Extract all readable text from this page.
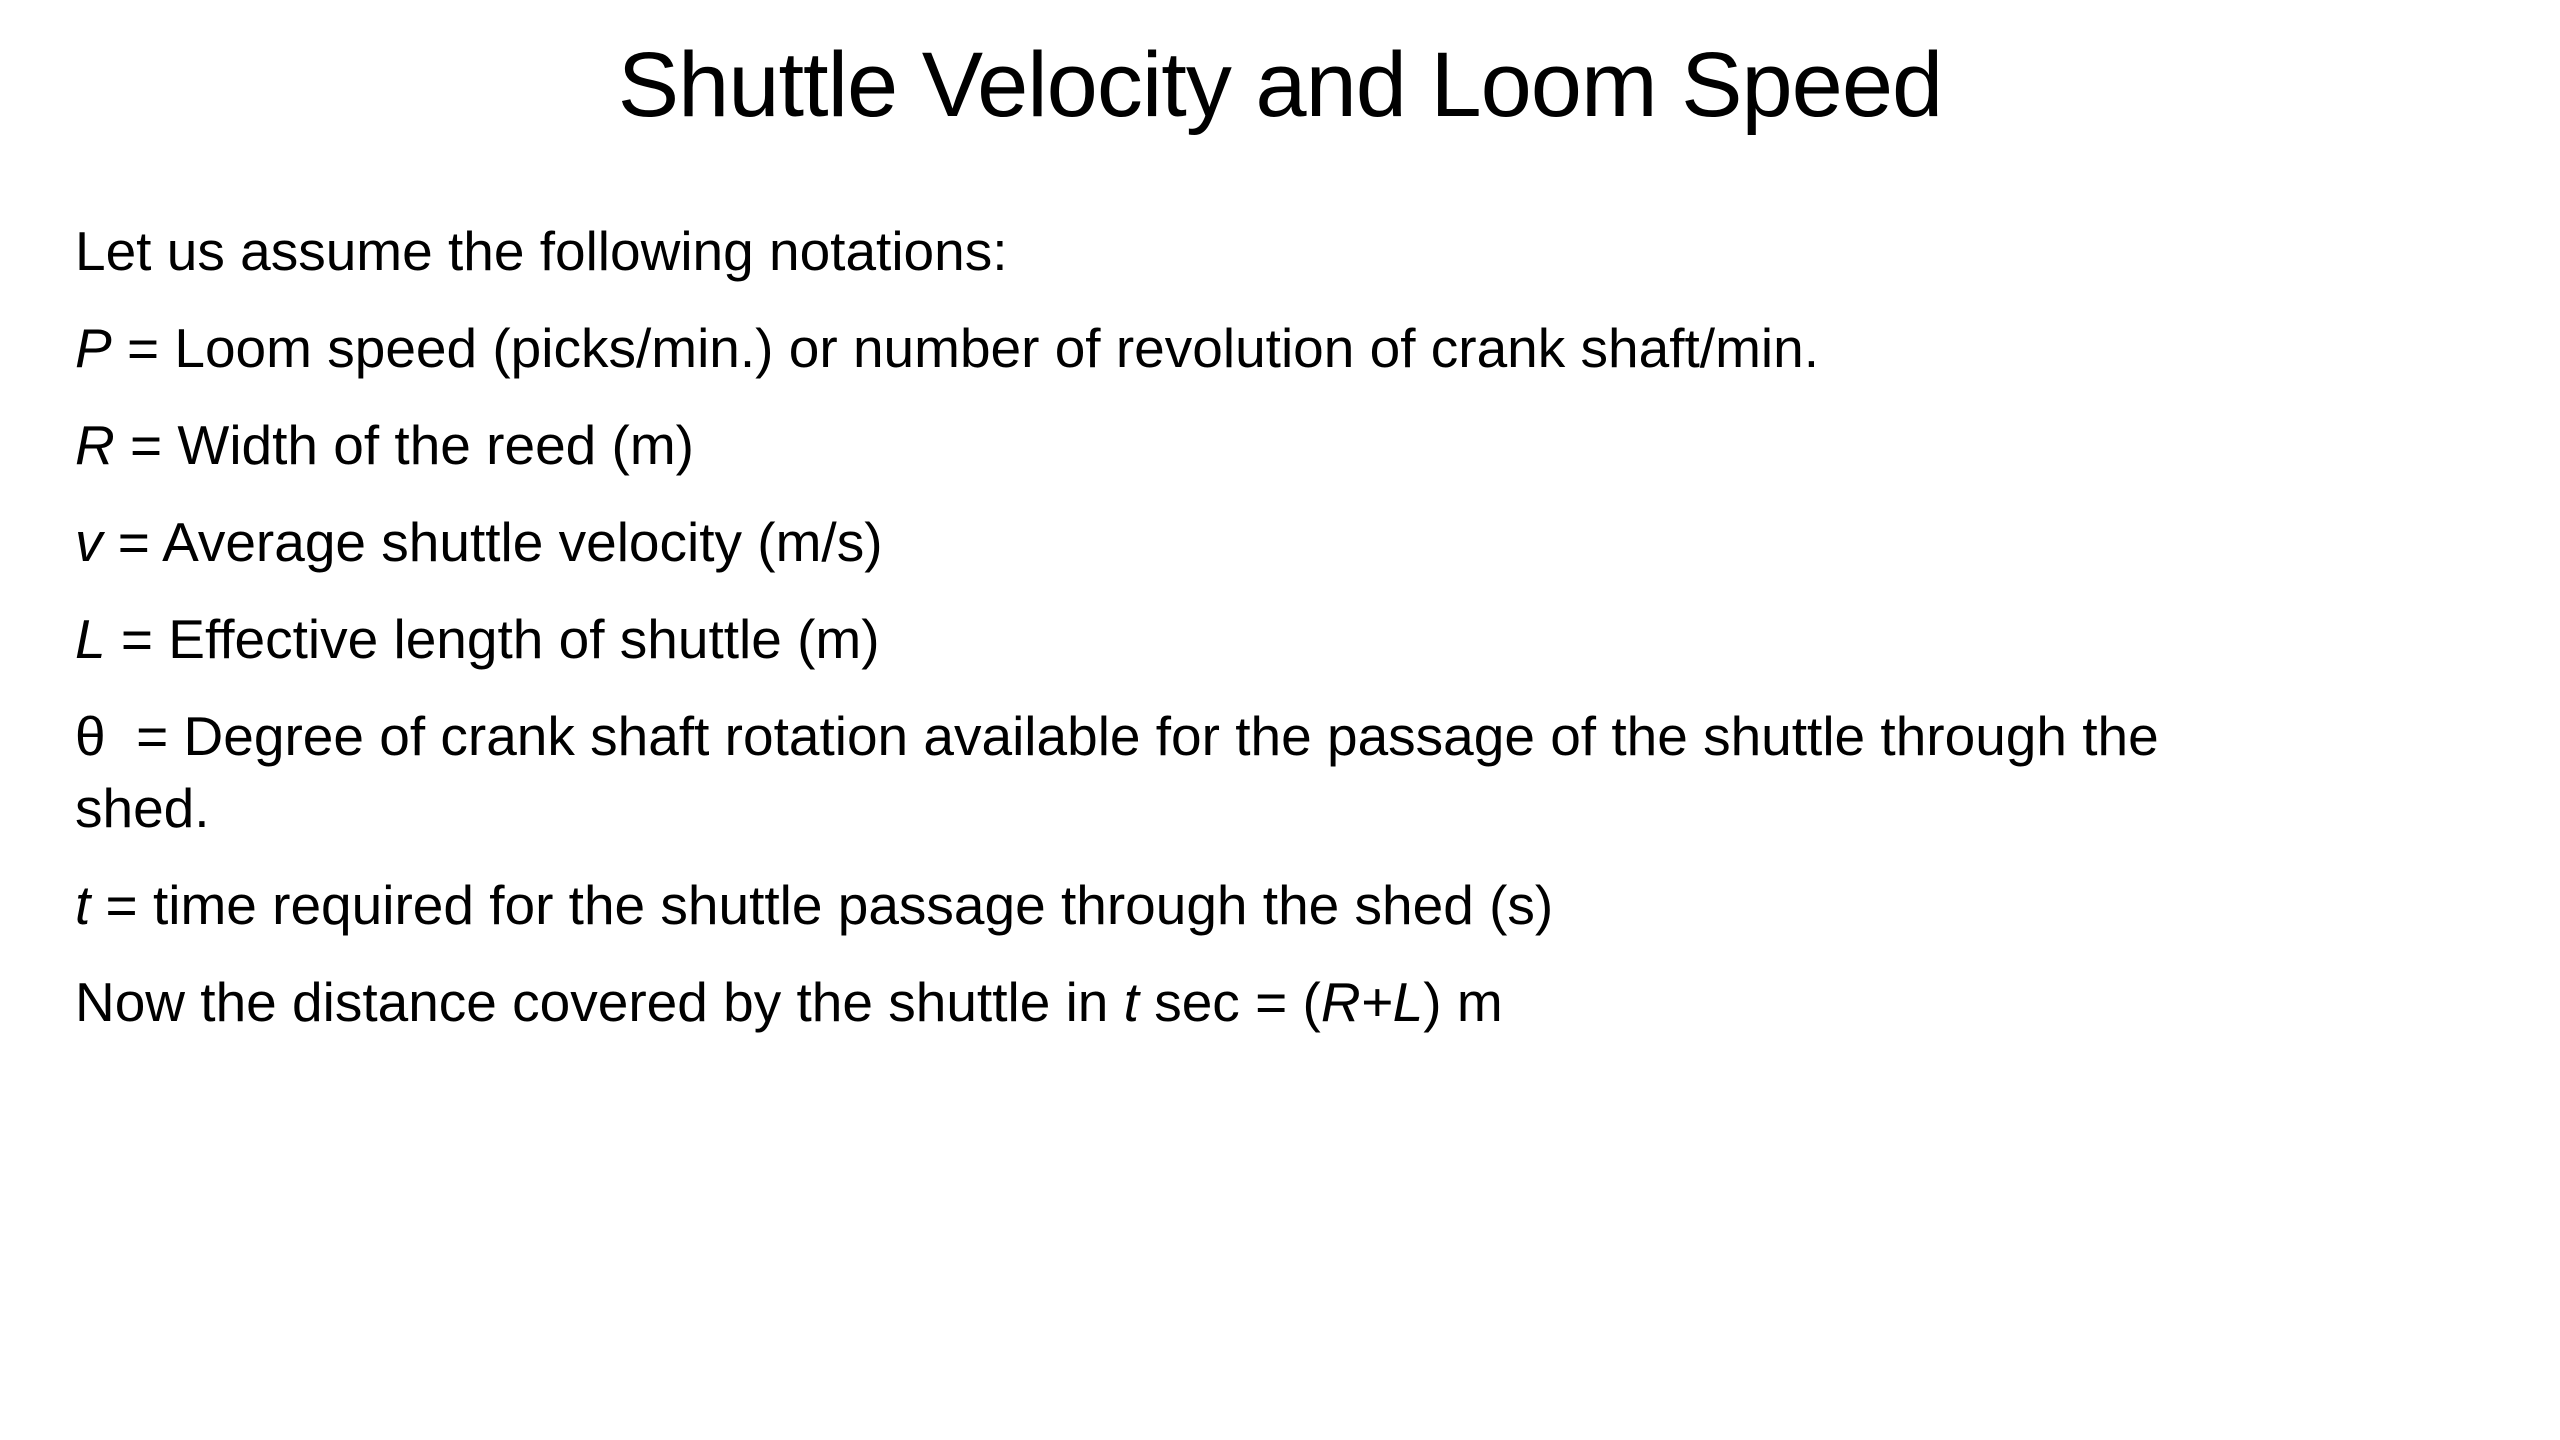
Shuttle Velocity and Loom Speed

Let us assume the following notations:

P = Loom speed (picks/min.) or number of revolution of crank shaft/min.

R = Width of the reed (m)

v = Average shuttle velocity (m/s)

L = Effective length of shuttle (m)

θ  = Degree of crank shaft rotation available for the passage of the shuttle through the shed.

t = time required for the shuttle passage through the shed (s)

Now the distance covered by the shuttle in t sec = (R+L) m
